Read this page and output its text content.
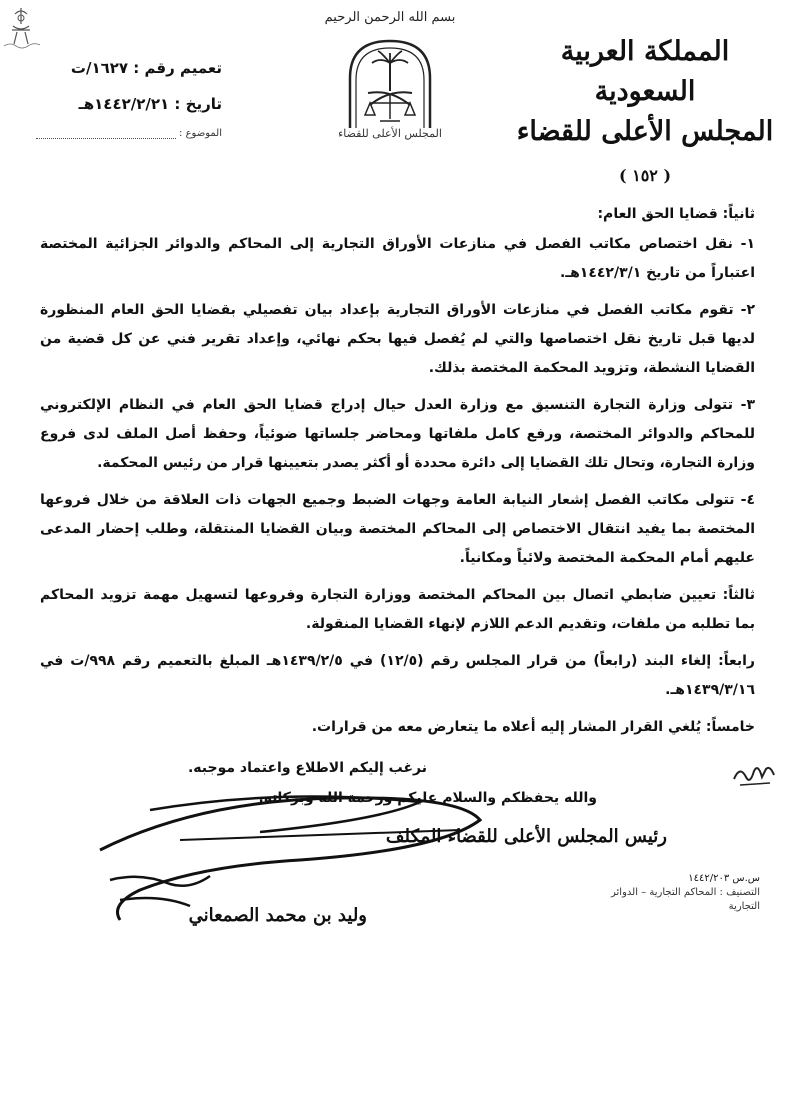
المملكة العربية السعودية
المجلس الأعلى للقضاء
( ١٥٢ )
بسم الله الرحمن الرحيم
المجلس الأعلى للقضاء
تعميم رقم : ١٦٢٧/ت
تاريخ : ١٤٤٢/٢/٢١هـ
الموضوع :
ثانياً: قضايا الحق العام:

١- نقل اختصاص مكاتب الفصل في منازعات الأوراق التجارية إلى المحاكم والدوائر الجزائية المختصة اعتباراً من تاريخ ١٤٤٢/٣/١هـ.

٢- تقوم مكاتب الفصل في منازعات الأوراق التجارية بإعداد بيان تفصيلي بقضايا الحق العام المنظورة لديها قبل تاريخ نقل اختصاصها والتي لم يُفصل فيها بحكم نهائي، وإعداد تقرير فني عن كل قضية من القضايا النشطة، وتزويد المحكمة المختصة بذلك.

٣- تتولى وزارة التجارة التنسيق مع وزارة العدل حيال إدراج قضايا الحق العام في النظام الإلكتروني للمحاكم والدوائر المختصة، ورفع كامل ملفاتها ومحاضر جلساتها ضوئياً، وحفظ أصل الملف لدى فروع وزارة التجارة، وتحال تلك القضايا إلى دائرة محددة أو أكثر يصدر بتعيينها قرار من رئيس المحكمة.

٤- تتولى مكاتب الفصل إشعار النيابة العامة وجهات الضبط وجميع الجهات ذات العلاقة من خلال فروعها المختصة بما يفيد انتقال الاختصاص إلى المحاكم المختصة وبيان القضايا المنتقلة، وطلب إحضار المدعى عليهم أمام المحكمة المختصة ولائياً ومكانياً.

ثالثاً: تعيين ضابطي اتصال بين المحاكم المختصة ووزارة التجارة وفروعها لتسهيل مهمة تزويد المحاكم بما تطلبه من ملفات، وتقديم الدعم اللازم لإنهاء القضايا المنقولة.

رابعاً: إلغاء البند (رابعاً) من قرار المجلس رقم (١٢/٥) في ١٤٣٩/٢/٥هـ المبلغ بالتعميم رقم ٩٩٨/ت في ١٤٣٩/٣/١٦هـ.

خامساً: يُلغي القرار المشار إليه أعلاه ما يتعارض معه من قرارات.

نرغب إليكم الاطلاع واعتماد موجبه.
والله يحفظكم والسلام عليكم ورحمة الله وبركاته.
رئيس المجلس الأعلى للقضاء المكلف
وليد بن محمد الصمعاني
س.س ١٤٤٢/٢٠٣
التصنيف : المحاكم التجارية – الدوائر التجارية
